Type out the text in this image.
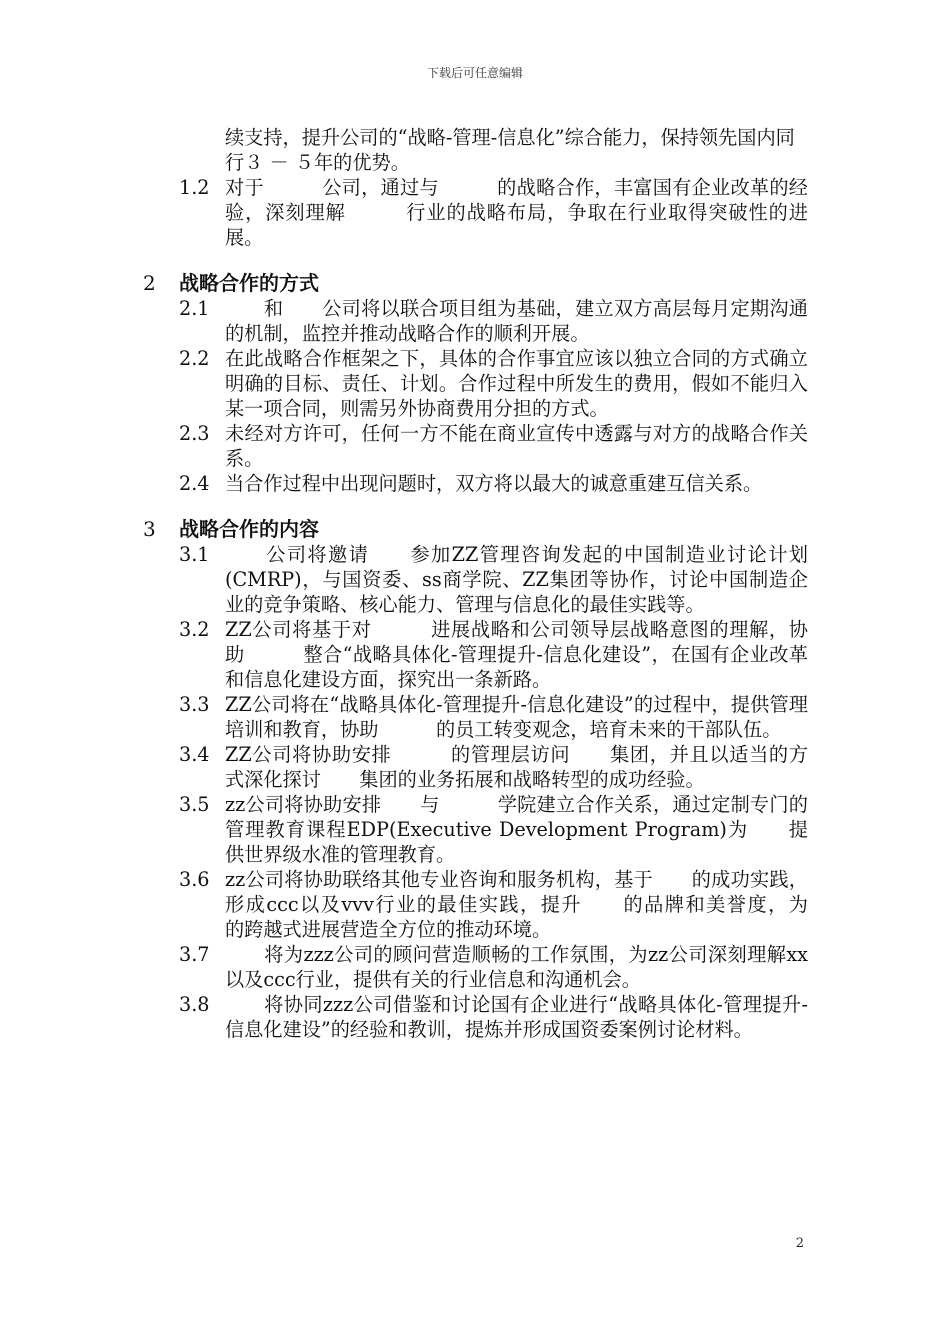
下载后可任意编辑
续支持，提升公司的“战略-管理-信息化”综合能力，保持领先国内同行３ － ５年的优势。
1.2 对于　　　公司，通过与　　　的战略合作，丰富国有企业改革的经验，深刻理解　　　行业的战略布局，争取在行业取得突破性的进展。
2 战略合作的方式
2.1 　　和　　公司将以联合项目组为基础，建立双方高层每月定期沟通的机制，监控并推动战略合作的顺利开展。
2.2 在此战略合作框架之下，具体的合作事宜应该以独立合同的方式确立明确的目标、责任、计划。合作过程中所发生的费用，假如不能归入某一项合同，则需另外协商费用分担的方式。
2.3 未经对方许可，任何一方不能在商业宣传中透露与对方的战略合作关系。
2.4 当合作过程中出现问题时，双方将以最大的诚意重建互信关系。
3 战略合作的内容
3.1 　　公司将邀请　　参加ZZ管理咨询发起的中国制造业讨论计划(CMRP)，与国资委、ss商学院、ZZ集团等协作，讨论中国制造企业的竞争策略、核心能力、管理与信息化的最佳实践等。
3.2 ZZ公司将基于对　　　进展战略和公司领导层战略意图的理解，协助　　　整合“战略具体化-管理提升-信息化建设”，在国有企业改革和信息化建设方面，探究出一条新路。
3.3 ZZ公司将在“战略具体化-管理提升-信息化建设”的过程中，提供管理培训和教育，协助　　　的员工转变观念，培育未来的干部队伍。
3.4 ZZ公司将协助安排　　　的管理层访问　　集团，并且以适当的方式深化探讨　　集团的业务拓展和战略转型的成功经验。
3.5 zz公司将协助安排　　与　　　学院建立合作关系，通过定制专门的管理教育课程EDP(Executive Development Program)为　　提供世界级水准的管理教育。
3.6 zz公司将协助联络其他专业咨询和服务机构，基于　　的成功实践，形成ccc以及vvv行业的最佳实践，提升　　的品牌和美誉度，为　　的跨越式进展营造全方位的推动环境。
3.7 　　将为zzz公司的顾问营造顺畅的工作氛围，为zz公司深刻理解xx以及ccc行业，提供有关的行业信息和沟通机会。
3.8 　　将协同zzz公司借鉴和讨论国有企业进行“战略具体化-管理提升-信息化建设”的经验和教训，提炼并形成国资委案例讨论材料。
2
